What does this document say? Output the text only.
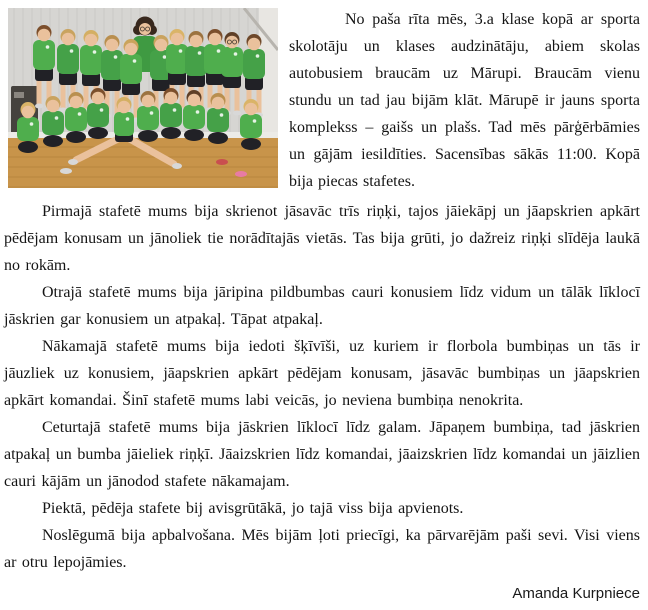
No paša rīta mēs, 3.a klase kopā ar sporta skolotāju un klases audzinātāju, abiem skolas autobusiem braucām uz Mārupi. Braucām vienu stundu un tad jau bijām klāt. Mārupē ir jauns sporta komplekss – gaišs un plašs. Tad mēs pārģērbāmies un gājām iesildīties. Sacensības sākās 11:00. Kopā bija piecas stafetes.

Pirmajā stafetē mums bija skrienot jāsavāc trīs riņķi, tajos jāiekāpj un jāapskrien apkārt pēdējam konusam un jānoliek tie norādītajās vietās. Tas bija grūti, jo dažreiz riņķi slīdēja laukā no rokām.

Otrajā stafetē mums bija jāripina pildbumbas cauri konusiem līdz vidum un tālāk līklocī jāskrien gar konusiem un atpakaļ. Tāpat atpakaļ.

Nākamajā stafetē mums bija iedoti šķīvīši, uz kuriem ir florbola bumbiņas un tās ir jāuzliek uz konusiem, jāapskrien apkārt pēdējam konusam, jāsavāc bumbiņas un jāapskrien apkārt komandai. Šinī stafetē mums labi veicās, jo neviena bumbiņa nenokrita.

Ceturtajā stafetē mums bija jāskrien līklocī līdz galam. Jāpaņem bumbiņa, tad jāskrien atpakaļ un bumba jāieliek riņķī. Jāaizskrien līdz komandai, jāaizskrien līdz komandai un jāizlien cauri kājām un jānodod stafete nākamajam.

Piektā, pēdēja stafete bij avisgrūtākā, jo tajā viss bija apvienots.

Noslēgumā bija apbalvošana. Mēs bijām ļoti priecīgi, ka pārvarējām paši sevi. Visi viens ar otru lepojāmies.

Amanda Kurpniece
